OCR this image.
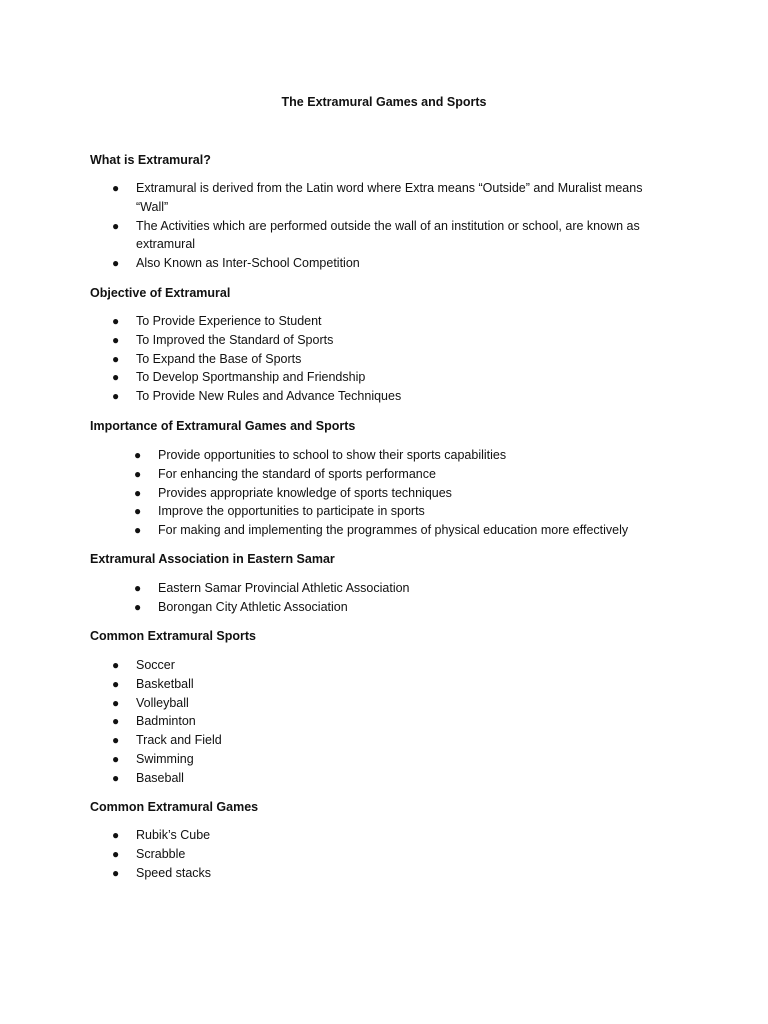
The Extramural Games and Sports
What is Extramural?
● Extramural is derived from the Latin word where Extra means “Outside” and Muralist means “Wall”
● The Activities which are performed outside the wall of an institution or school, are known as extramural
● Also Known as Inter-School Competition
Objective of Extramural
● To Provide Experience to Student
● To Improved the Standard of Sports
● To Expand the Base of Sports
● To Develop Sportmanship and Friendship
● To Provide New Rules and Advance Techniques
Importance of Extramural Games and Sports
● Provide opportunities to school to show their sports capabilities
● For enhancing the standard of sports performance
● Provides appropriate knowledge of sports techniques
● Improve the opportunities to participate in sports
● For making and implementing the programmes of physical education more effectively
Extramural Association in Eastern Samar
● Eastern Samar Provincial Athletic Association
● Borongan City Athletic Association
Common Extramural Sports
● Soccer
● Basketball
● Volleyball
● Badminton
● Track and Field
● Swimming
● Baseball
Common Extramural Games
● Rubik’s Cube
● Scrabble
● Speed stacks
